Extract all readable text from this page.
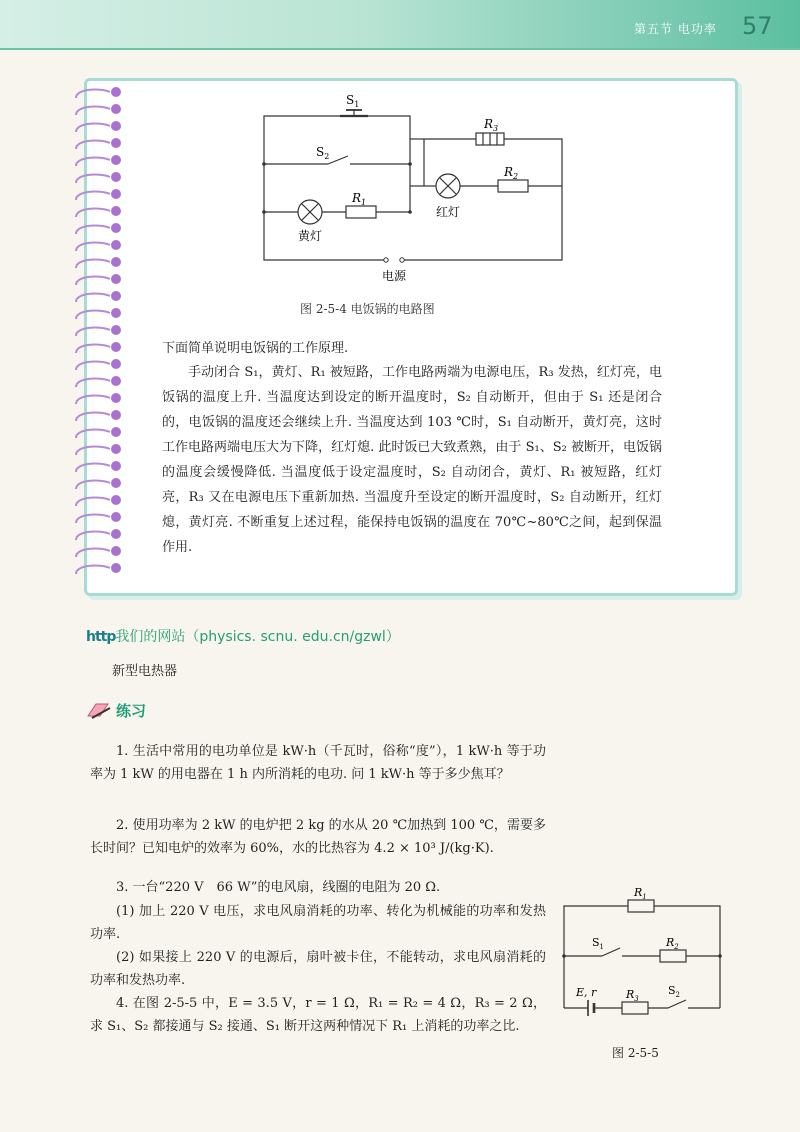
第五节 电功率 57
$S_1$
$S_2$
$R_1$
$R_3$
$R_2$
黄灯
红灯
电源
图 2-5-4 电饭锅的电路图

下面简单说明电饭锅的工作原理.

手动闭合 S₁，黄灯、R₁ 被短路，工作电路两端为电源电压，R₃ 发热，红灯亮，电饭锅的温度上升. 当温度达到设定的断开温度时，S₂ 自动断开，但由于 S₁ 还是闭合的，电饭锅的温度还会继续上升. 当温度达到 103 ℃时，S₁ 自动断开，黄灯亮，这时工作电路两端电压大为下降，红灯熄. 此时饭已大致煮熟，由于 S₁、S₂ 被断开，电饭锅的温度会缓慢降低. 当温度低于设定温度时，S₂ 自动闭合，黄灯、R₁ 被短路，红灯亮，R₃ 又在电源电压下重新加热. 当温度升至设定的断开温度时，S₂ 自动断开，红灯熄，黄灯亮. 不断重复上述过程，能保持电饭锅的温度在 70℃~80℃之间，起到保温作用.

http我们的网站（physics. scnu. edu.cn/gzwl）
新型电热器
练习

1. 生活中常用的电功单位是 kW·h（千瓦时，俗称“度”），1 kW·h 等于功率为 1 kW 的用电器在 1 h 内所消耗的电功. 问 1 kW·h 等于多少焦耳？

2. 使用功率为 2 kW 的电炉把 2 kg 的水从 20 ℃加热到 100 ℃，需要多长时间？已知电炉的效率为 60%，水的比热容为 4.2 × 10³ J/(kg·K).

3. 一台“220 V　66 W”的电风扇，线圈的电阻为 20 Ω.

(1) 加上 220 V 电压，求电风扇消耗的功率、转化为机械能的功率和发热功率.

(2) 如果接上 220 V 的电源后，扇叶被卡住，不能转动，求电风扇消耗的功率和发热功率.

4. 在图 2-5-5 中，E = 3.5 V，r = 1 Ω，R₁ = R₂ = 4 Ω，R₃ = 2 Ω，求 S₁、S₂ 都接通与 S₂ 接通、S₁ 断开这两种情况下 R₁ 上消耗的功率之比.

$R_1$
$S_1$	$R_2$
E, r	$R_3$
$S_2$
图 2-5-5
